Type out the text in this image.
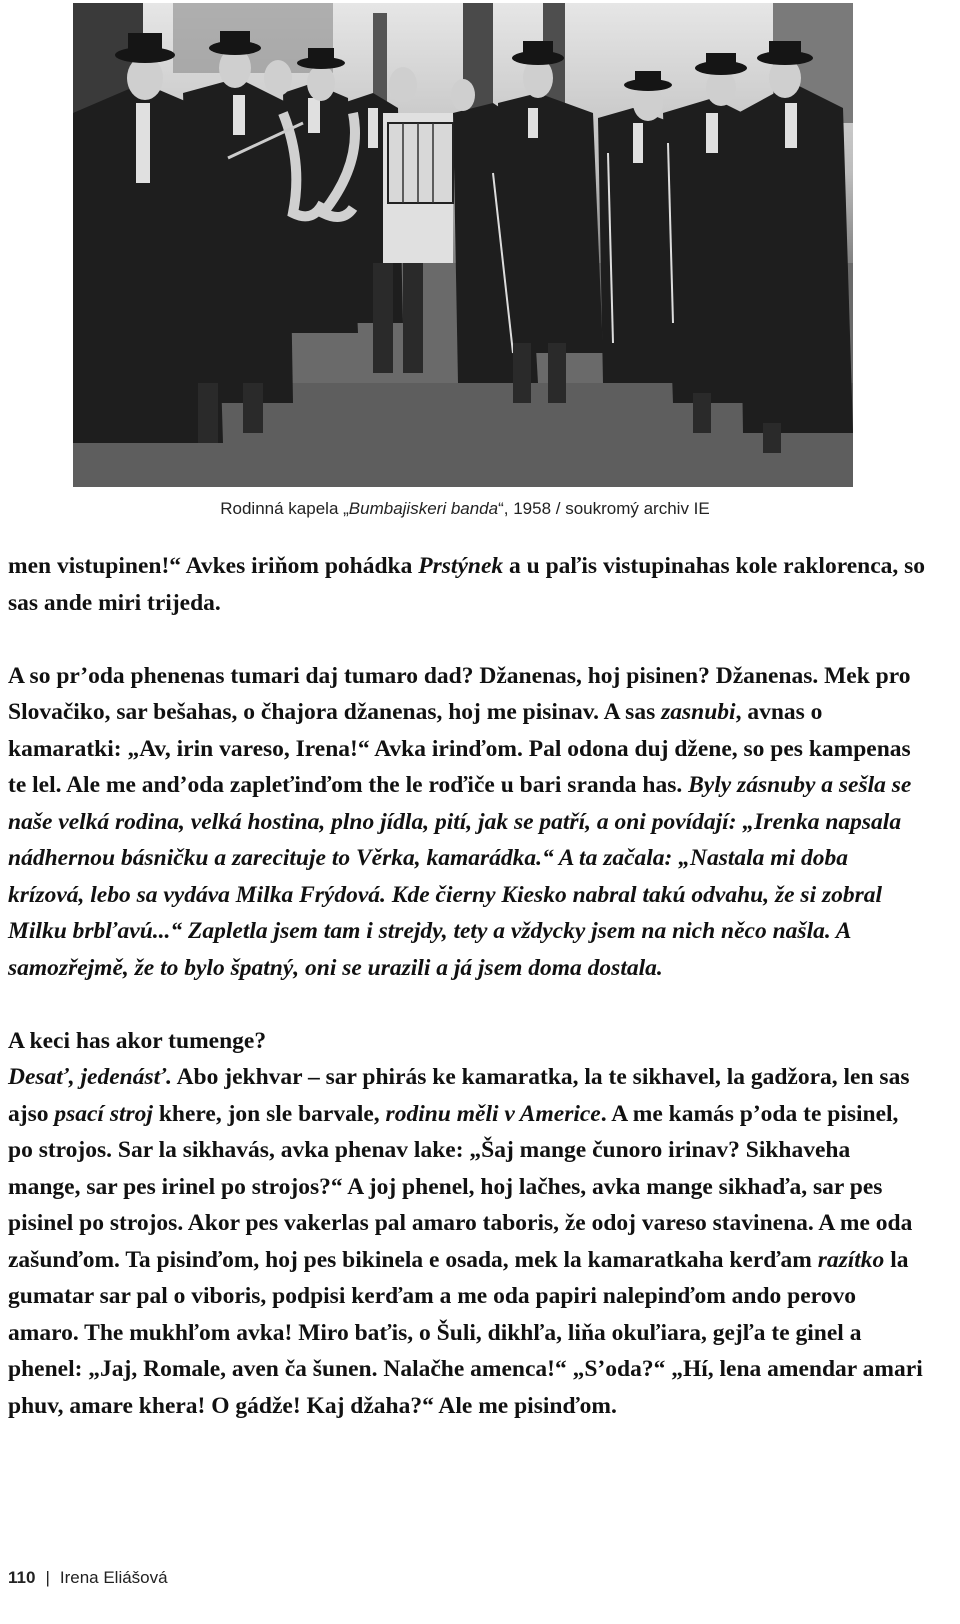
Rodinná kapela „Bumbajiskeri banda“, 1958 / soukromý archiv IE

men vistupinen!“ Avkes iriňom pohádka Prstýnek a u paľis vistupinahas kole raklorenca, so sas ande miri trijeda.

A so pr’oda phenenas tumari daj tumaro dad? Džanenas, hoj pisinen? Džanenas. Mek pro Slovačiko, sar bešahas, o čhajora džanenas, hoj me pisinav. A sas zasnubi, avnas o kamaratki: „Av, irin vareso, Irena!“ Avka irinďom. Pal odona duj džene, so pes kampenas te lel. Ale me and’oda zapleťinďom the le roďiče u bari sranda has. Byly zásnuby a sešla se naše velká rodina, velká hostina, plno jídla, pití, jak se patří, a oni povídají: „Irenka napsala nádhernou básničku a zarecituje to Věrka, kamarádka.“ A ta začala: „Nastala mi doba krízová, lebo sa vydáva Milka Frýdová. Kde čierny Kiesko nabral takú odvahu, že si zobral Milku brbľavú...“ Zapletla jsem tam i strejdy, tety a vždycky jsem na nich něco našla. A samozřejmě, že to bylo špatný, oni se urazili a já jsem doma dostala.

A keci has akor tumenge?
Desať, jedenásť. Abo jekhvar – sar phirás ke kamaratka, la te sikhavel, la gadžora, len sas ajso psací stroj khere, jon sle barvale, rodinu měli v Americe. A me kamás p’oda te pisinel, po strojos. Sar la sikhavás, avka phenav lake: „Šaj mange čunoro irinav? Sikhaveha mange, sar pes irinel po strojos?“ A joj phenel, hoj lačhes, avka mange sikhaďa, sar pes pisinel po strojos. Akor pes vakerlas pal amaro taboris, že odoj vareso stavinena. A me oda zašunďom. Ta pisinďom, hoj pes bikinela e osada, mek la kamaratkaha kerďam razítko la gumatar sar pal o viboris, podpisi kerďam a me oda papiri nalepinďom ando perovo amaro. The mukhľom avka! Miro baťis, o Šuli, dikhľa, liňa okuľiara, gejľa te ginel a phenel: „Jaj, Romale, aven ča šunen. Nalačhe amenca!“ „S’oda?“ „Hí, lena amendar amari phuv, amare khera! O gádže! Kaj džaha?“ Ale me pisinďom.

110 | Irena Eliášová
